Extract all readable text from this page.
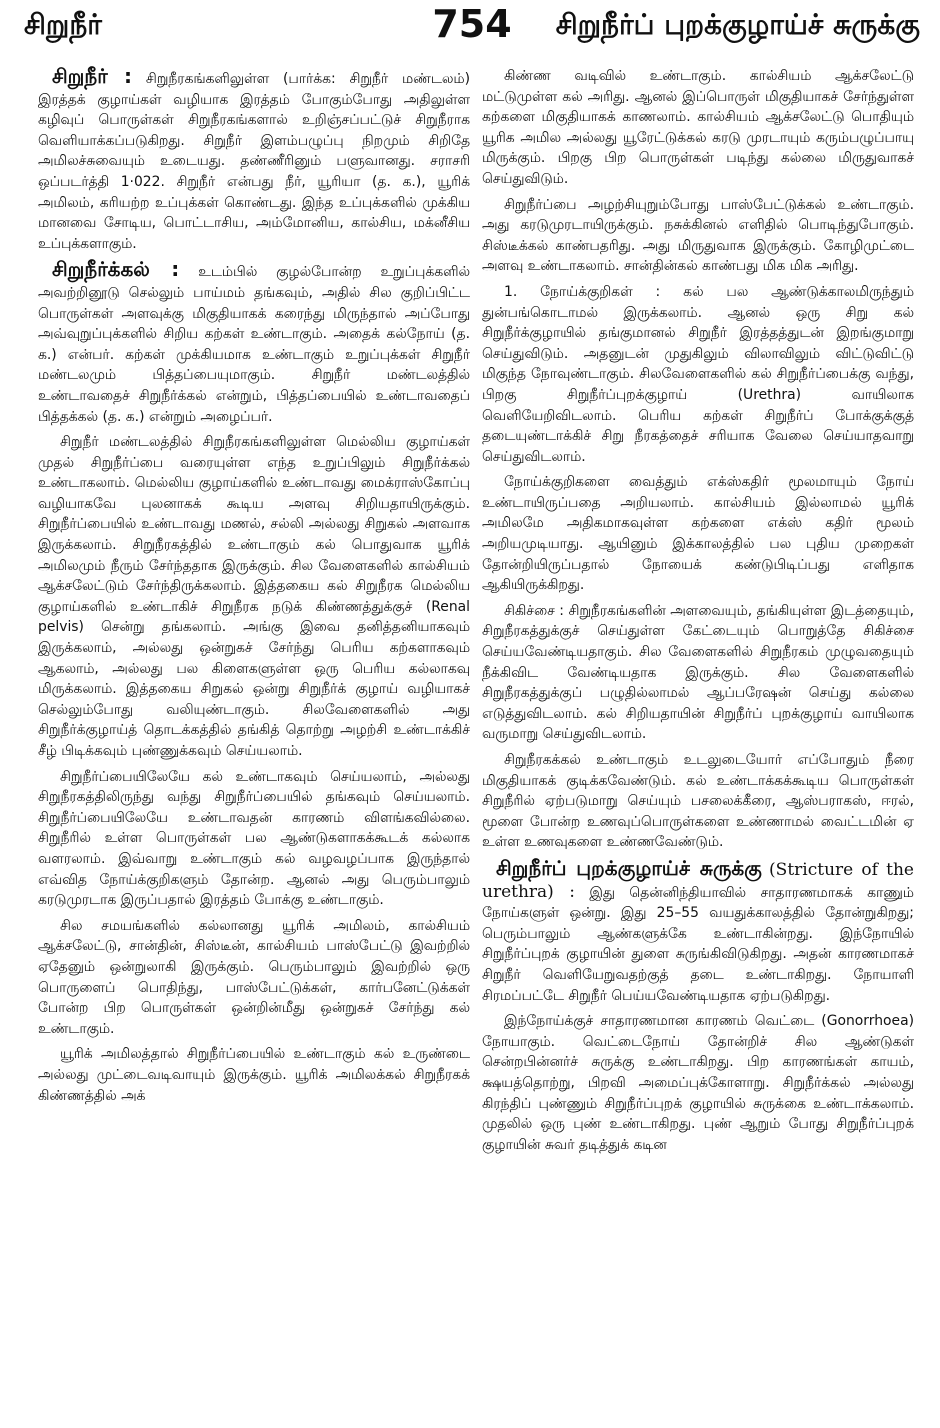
சிறுநீர்	754	சிறுநீர்ப் புறக்குழாய்ச் சுருக்கு

சிறுநீர் : சிறுநீரகங்களிலுள்ள (பார்க்க: சிறுநீர் மண்டலம்) இரத்தக் குழாய்கள் வழியாக இரத்தம் போகும்போது அதிலுள்ள கழிவுப் பொருள்கள் சிறுநீரகங்களால் உறிஞ்சப்பட்டுச் சிறுநீராக வெளியாக்கப்படுகிறது. சிறுநீர் இளம்பழுப்பு நிறமும் சிறிதே அமிலச்சுவையும் உடையது. தண்ணீரினும் பளுவானது. சராசரி ஒப்படர்த்தி 1·022. சிறுநீர் என்பது நீர், யூரியா (த. க.), யூரிக் அமிலம், கரியற்ற உப்புக்கள் கொண்டது. இந்த உப்புக்களில் முக்கிய மானவை சோடிய, பொட்டாசிய, அம்மோனிய, கால்சிய, மக்னீசிய உப்புக்களாகும்.

சிறுநீர்க்கல் : உடம்பில் குழல்போன்ற உறுப்புக்களில் அவற்றினூடு செல்லும் பாய்மம் தங்கவும், அதில் சில குறிப்பிட்ட பொருள்கள் அளவுக்கு மிகுதியாகக் கரைந்து மிருந்தால் அப்போது அவ்வுறுப்புக்களில் சிறிய கற்கள் உண்டாகும். அதைக் கல்நோய் (த. க.) என்பர். கற்கள் முக்கியமாக உண்டாகும் உறுப்புக்கள் சிறுநீர் மண்டலமும் பித்தப்பையுமாகும். சிறுநீர் மண்டலத்தில் உண்டாவதைச் சிறுநீர்க்கல் என்றும், பித்தப்பையில் உண்டாவதைப் பித்தக்கல் (த. க.) என்றும் அழைப்பர்.

சிறுநீர் மண்டலத்தில் சிறுநீரகங்களிலுள்ள மெல்லிய குழாய்கள் முதல் சிறுநீர்ப்பை வரையுள்ள எந்த உறுப்பிலும் சிறுநீர்க்கல் உண்டாகலாம். மெல்லிய குழாய்களில் உண்டாவது மைக்ராஸ்கோப்பு வழியாகவே புலனாகக் கூடிய அளவு சிறியதாயிருக்கும். சிறுநீர்ப்பையில் உண்டாவது மணல், சல்லி அல்லது சிறுகல் அளவாக இருக்கலாம். சிறுநீரகத்தில் உண்டாகும் கல் பொதுவாக யூரிக் அமிலமும் நீரும் சேர்ந்ததாக இருக்கும். சில வேளைகளில் கால்சியம் ஆக்சலேட்டும் சேர்ந்திருக்கலாம். இத்தகைய கல் சிறுநீரக மெல்லிய குழாய்களில் உண்டாகிச் சிறுநீரக நடுக் கிண்ணத்துக்குச் (Renal pelvis) சென்று தங்கலாம். அங்கு இவை தனித்தனியாகவும் இருக்கலாம், அல்லது ஒன்றுகச் சேர்ந்து பெரிய கற்களாகவும் ஆகலாம், அல்லது பல கிளைகளுள்ள ஒரு பெரிய கல்லாகவு மிருக்கலாம். இத்தகைய சிறுகல் ஒன்று சிறுநீர்க் குழாய் வழியாகச் செல்லும்போது வலியுண்டாகும். சிலவேளைகளில் அது சிறுநீர்க்குழாய்த் தொடக்கத்தில் தங்கித் தொற்று அழற்சி உண்டாக்கிச் சீழ் பிடிக்கவும் புண்ணுக்கவும் செய்யலாம்.

சிறுநீர்ப்பையிலேயே கல் உண்டாகவும் செய்யலாம், அல்லது சிறுநீரகத்திலிருந்து வந்து சிறுநீர்ப்பையில் தங்கவும் செய்யலாம். சிறுநீர்ப்பையிலேயே உண்டாவதன் காரணம் விளங்கவில்லை. சிறுநீரில் உள்ள பொருள்கள் பல ஆண்டுகளாகக்கூடக் கல்லாக வளரலாம். இவ்வாறு உண்டாகும் கல் வழவழப்பாக இருந்தால் எவ்வித நோய்க்குறிகளும் தோன்ற. ஆனல் அது பெரும்பாலும் கரடுமுரடாக இருப்பதால் இரத்தம் போக்கு உண்டாகும்.

சில சமயங்களில் கல்லானது யூரிக் அமிலம், கால்சியம் ஆக்சலேட்டு, சான்தின், சிஸ்டீன், கால்சியம் பாஸ்பேட்டு இவற்றில் ஏதேனும் ஒன்றுலாகி இருக்கும். பெரும்பாலும் இவற்றில் ஒரு பொருளைப் பொதிந்து, பாஸ்பேட்டுக்கள், கார்பனேட்டுக்கள் போன்ற பிற பொருள்கள் ஒன்றின்மீது ஒன்றுகச் சேர்ந்து கல் உண்டாகும்.

யூரிக் அமிலத்தால் சிறுநீர்ப்பையில் உண்டாகும் கல் உருண்டை அல்லது முட்டைவடிவாயும் இருக்கும். யூரிக் அமிலக்கல் சிறுநீரகக் கிண்ணத்தில் அக்

கிண்ண வடிவில் உண்டாகும். கால்சியம் ஆக்சலேட்டு மட்டுமுள்ள கல் அரிது. ஆனல் இப்பொருள் மிகுதியாகச் சேர்ந்துள்ள கற்களை மிகுதியாகக் காணலாம். கால்சியம் ஆக்சலேட்டு பொதியும் யூரிக அமில அல்லது யூரேட்டுக்கல் கரடு முரடாயும் கரும்பழுப்பாயு மிருக்கும். பிறகு பிற பொருள்கள் படிந்து கல்லை மிருதுவாகச் செய்துவிடும்.

சிறுநீர்ப்பை அழற்சியுறும்போது பாஸ்பேட்டுக்கல் உண்டாகும். அது கரடுமுரடாயிருக்கும். நசுக்கினல் எளிதில் பொடிந்துபோகும். சிஸ்டீக்கல் காண்பதரிது. அது மிருதுவாக இருக்கும். கோழிமுட்டை அளவு உண்டாகலாம். சான்தின்கல் காண்பது மிக மிக அரிது.

1. நோய்க்குறிகள் : கல் பல ஆண்டுக்காலமிருந்தும் துன்பங்கொடாமல் இருக்கலாம். ஆனல் ஒரு சிறு கல் சிறுநீர்க்குழாயில் தங்குமானல் சிறுநீர் இரத்தத்துடன் இறங்குமாறு செய்துவிடும். அதனுடன் முதுகிலும் விலாவிலும் விட்டுவிட்டு மிகுந்த நோவுண்டாகும். சிலவேளைகளில் கல் சிறுநீர்ப்பைக்கு வந்து, பிறகு சிறுநீர்ப்புறக்குழாய் (Urethra) வாயிலாக வெளியேறிவிடலாம். பெரிய கற்கள் சிறுநீர்ப் போக்குக்குத் தடையுண்டாக்கிச் சிறு நீரகத்தைச் சரியாக வேலை செய்யாதவாறு செய்துவிடலாம்.

நோய்க்குறிகளை வைத்தும் எக்ஸ்கதிர் மூலமாயும் நோய் உண்டாயிருப்பதை அறியலாம். கால்சியம் இல்லாமல் யூரிக் அமிலமே அதிகமாகவுள்ள கற்களை எக்ஸ் கதிர் மூலம் அறியமுடியாது. ஆயினும் இக்காலத்தில் பல புதிய முறைகள் தோன்றியிருப்பதால் நோயைக் கண்டுபிடிப்பது எளிதாக ஆகியிருக்கிறது.

சிகிச்சை : சிறுநீரகங்களின் அளவையும், தங்கியுள்ள இடத்தையும், சிறுநீரகத்துக்குச் செய்துள்ள கேட்டையும் பொறுத்தே சிகிச்சை செய்யவேண்டியதாகும். சில வேளைகளில் சிறுநீரகம் முழுவதையும் நீக்கிவிட வேண்டியதாக இருக்கும். சில வேளைகளில் சிறுநீரகத்துக்குப் பழுதில்லாமல் ஆப்பரேஷன் செய்து கல்லை எடுத்துவிடலாம். கல் சிறியதாயின் சிறுநீர்ப் புறக்குழாய் வாயிலாக வருமாறு செய்துவிடலாம்.

சிறுநீரகக்கல் உண்டாகும் உடலுடையோர் எப்போதும் நீரை மிகுதியாகக் குடிக்கவேண்டும். கல் உண்டாக்கக்கூடிய பொருள்கள் சிறுநீரில் ஏற்படுமாறு செய்யும் பசலைக்கீரை, ஆஸ்பராகஸ், ஈரல், மூளை போன்ற உணவுப்பொருள்களை உண்ணாமல் வைட்டமின் ஏ உள்ள உணவுகளை உண்ணவேண்டும்.

சிறுநீர்ப் புறக்குழாய்ச் சுருக்கு (Stricture of the urethra) : இது தென்னிந்தியாவில் சாதாரணமாகக் காணும் நோய்களுள் ஒன்று. இது 25–55 வயதுக்காலத்தில் தோன்றுகிறது; பெரும்பாலும் ஆண்களுக்கே உண்டாகின்றது. இந்நோயில் சிறுநீர்ப்புறக் குழாயின் துளை சுருங்கிவிடுகிறது. அதன் காரணமாகச் சிறுநீர் வெளியேறுவதற்குத் தடை உண்டாகிறது. நோயாளி சிரமப்பட்டே சிறுநீர் பெய்யவேண்டியதாக ஏற்படுகிறது.

இந்நோய்க்குச் சாதாரணமான காரணம் வெட்டை (Gonorrhoea) நோயாகும். வெட்டைநோய் தோன்றிச் சில ஆண்டுகள் சென்றபின்னர்ச் சுருக்கு உண்டாகிறது. பிற காரணங்கள் காயம், க்ஷயத்தொற்று, பிறவி அமைப்புக்கோளாறு. சிறுநீர்க்கல் அல்லது கிரந்திப் புண்ணும் சிறுநீர்ப்புறக் குழாயில் சுருக்கை உண்டாக்கலாம். முதலில் ஒரு புண் உண்டாகிறது. புண் ஆறும் போது சிறுநீர்ப்புறக் குழாயின் சுவர் தடித்துக் கடின
